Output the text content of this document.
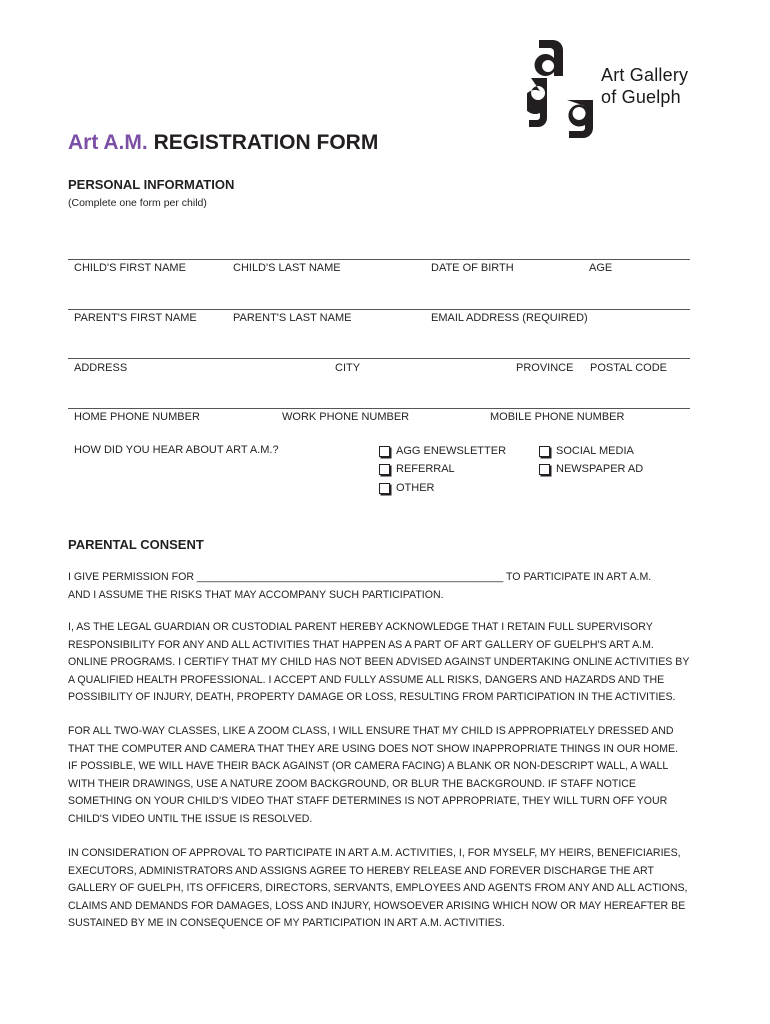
Art Gallery
of Guelph
Art A.M. REGISTRATION FORM
PERSONAL INFORMATION
(Complete one form per child)
CHILD'S FIRST NAME	CHILD'S LAST NAME	DATE OF BIRTH	AGE
PARENT'S FIRST NAME	PARENT'S LAST NAME	EMAIL ADDRESS (REQUIRED)
ADDRESS	CITY	PROVINCE POSTAL CODE
HOME PHONE NUMBER	WORK PHONE NUMBER	MOBILE PHONE NUMBER
HOW DID YOU HEAR ABOUT ART A.M.?	AGG ENEWSLETTER
REFERRAL
OTHER
SOCIAL MEDIA
NEWSPAPER AD
PARENTAL CONSENT
I GIVE PERMISSION FOR ____________________________________________________ TO PARTICIPATE IN ART A.M.
AND I ASSUME THE RISKS THAT MAY ACCOMPANY SUCH PARTICIPATION.
I, AS THE LEGAL GUARDIAN OR CUSTODIAL PARENT HEREBY ACKNOWLEDGE THAT I RETAIN FULL SUPERVISORY
RESPONSIBILITY FOR ANY AND ALL ACTIVITIES THAT HAPPEN AS A PART OF ART GALLERY OF GUELPH'S ART A.M.
ONLINE PROGRAMS. I CERTIFY THAT MY CHILD HAS NOT BEEN ADVISED AGAINST UNDERTAKING ONLINE ACTIVITIES BY
A QUALIFIED HEALTH PROFESSIONAL. I ACCEPT AND FULLY ASSUME ALL RISKS, DANGERS AND HAZARDS AND THE
POSSIBILITY OF INJURY, DEATH, PROPERTY DAMAGE OR LOSS, RESULTING FROM PARTICIPATION IN THE ACTIVITIES.
FOR ALL TWO-WAY CLASSES, LIKE A ZOOM CLASS, I WILL ENSURE THAT MY CHILD IS APPROPRIATELY DRESSED AND
THAT THE COMPUTER AND CAMERA THAT THEY ARE USING DOES NOT SHOW INAPPROPRIATE THINGS IN OUR HOME.
IF POSSIBLE, WE WILL HAVE THEIR BACK AGAINST (OR CAMERA FACING) A BLANK OR NON-DESCRIPT WALL, A WALL
WITH THEIR DRAWINGS, USE A NATURE ZOOM BACKGROUND, OR BLUR THE BACKGROUND. IF STAFF NOTICE
SOMETHING ON YOUR CHILD'S VIDEO THAT STAFF DETERMINES IS NOT APPROPRIATE, THEY WILL TURN OFF YOUR
CHILD'S VIDEO UNTIL THE ISSUE IS RESOLVED.
IN CONSIDERATION OF APPROVAL TO PARTICIPATE IN ART A.M. ACTIVITIES, I, FOR MYSELF, MY HEIRS, BENEFICIARIES,
EXECUTORS, ADMINISTRATORS AND ASSIGNS AGREE TO HEREBY RELEASE AND FOREVER DISCHARGE THE ART
GALLERY OF GUELPH, ITS OFFICERS, DIRECTORS, SERVANTS, EMPLOYEES AND AGENTS FROM ANY AND ALL ACTIONS,
CLAIMS AND DEMANDS FOR DAMAGES, LOSS AND INJURY, HOWSOEVER ARISING WHICH NOW OR MAY HEREAFTER BE
SUSTAINED BY ME IN CONSEQUENCE OF MY PARTICIPATION IN ART A.M. ACTIVITIES.
